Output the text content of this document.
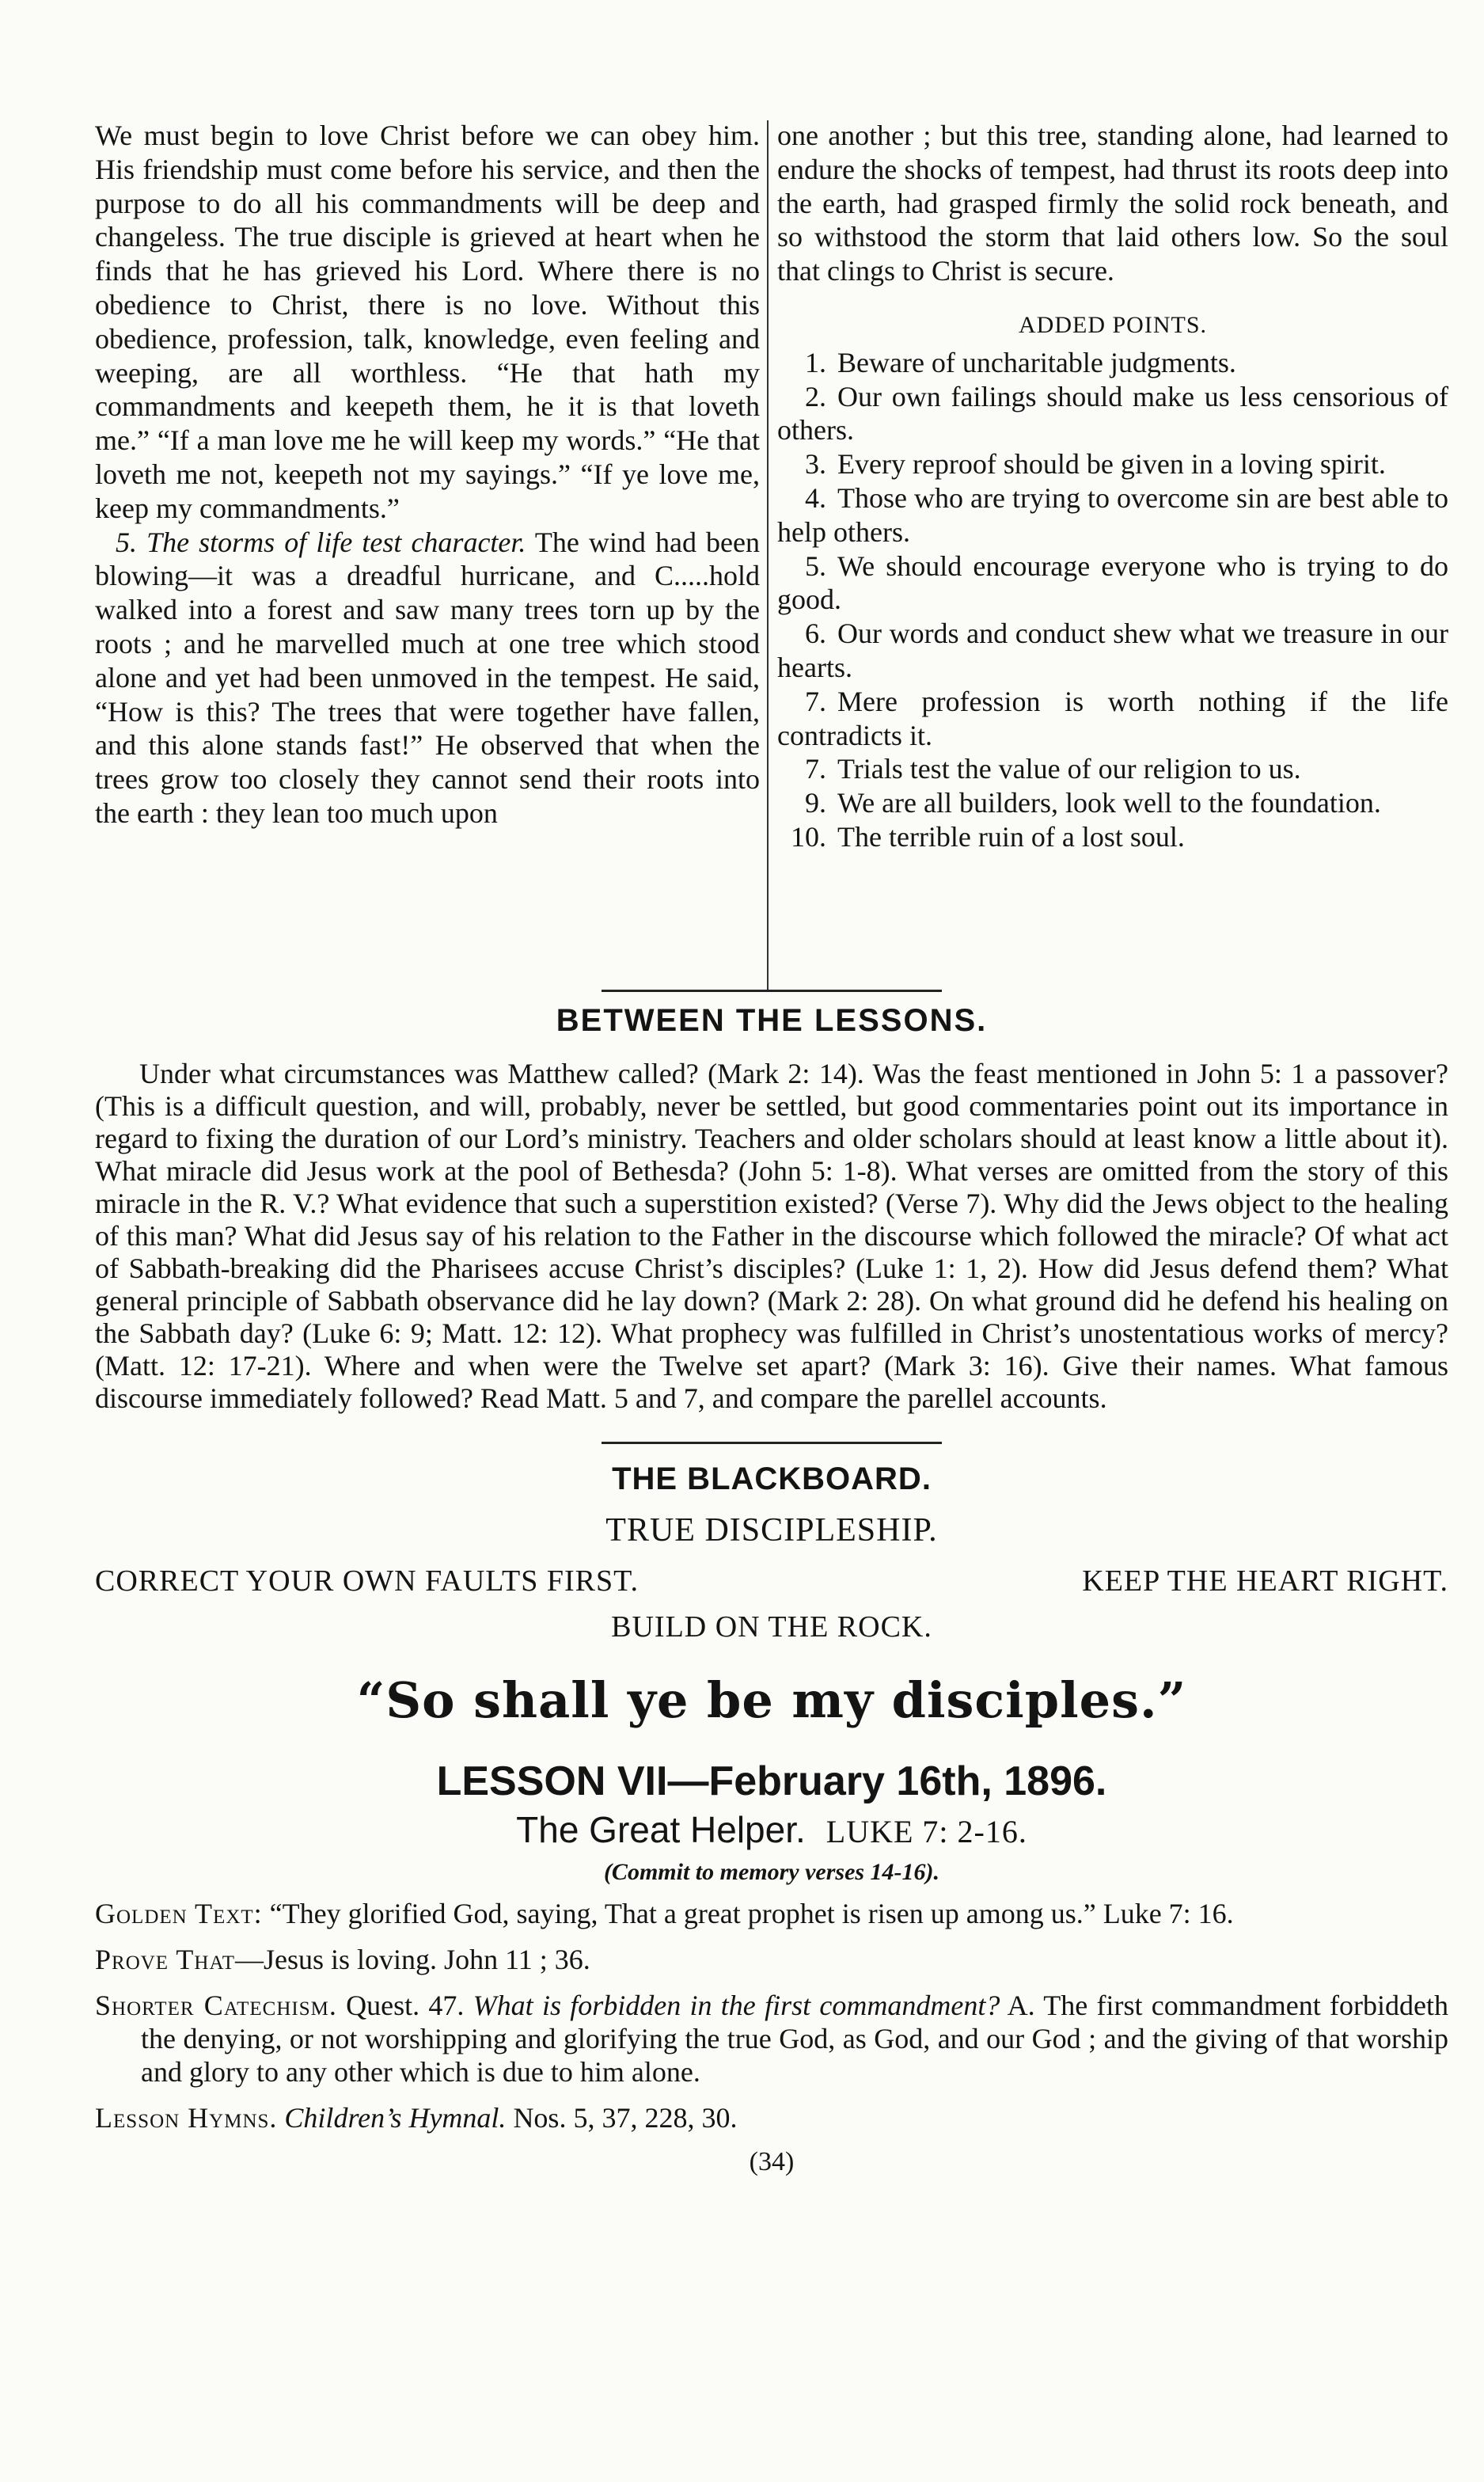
We must begin to love Christ before we can obey him. His friendship must come before his service, and then the purpose to do all his commandments will be deep and changeless. The true disciple is grieved at heart when he finds that he has grieved his Lord. Where there is no obedience to Christ, there is no love. Without this obedience, profession, talk, knowledge, even feeling and weeping, are all worthless. “He that hath my commandments and keepeth them, he it is that loveth me.” “If a man love me he will keep my words.” “He that loveth me not, keepeth not my sayings.” “If ye love me, keep my commandments.”

5. The storms of life test character. The wind had been blowing—it was a dreadful hurricane, and C.....hold walked into a forest and saw many trees torn up by the roots ; and he marvelled much at one tree which stood alone and yet had been unmoved in the tempest. He said, “How is this? The trees that were together have fallen, and this alone stands fast!” He observed that when the trees grow too closely they cannot send their roots into the earth : they lean too much upon

one another ; but this tree, standing alone, had learned to endure the shocks of tempest, had thrust its roots deep into the earth, had grasped firmly the solid rock beneath, and so withstood the storm that laid others low. So the soul that clings to Christ is secure.

ADDED POINTS.

1. Beware of uncharitable judgments.

2. Our own failings should make us less censorious of others.

3. Every reproof should be given in a loving spirit.

4. Those who are trying to overcome sin are best able to help others.

5. We should encourage everyone who is trying to do good.

6. Our words and conduct shew what we treasure in our hearts.

7. Mere profession is worth nothing if the life contradicts it.

7. Trials test the value of our religion to us.

9. We are all builders, look well to the foundation.

10. The terrible ruin of a lost soul.

BETWEEN THE LESSONS.

Under what circumstances was Matthew called? (Mark 2: 14). Was the feast mentioned in John 5: 1 a passover? (This is a difficult question, and will, probably, never be settled, but good commentaries point out its importance in regard to fixing the duration of our Lord’s ministry. Teachers and older scholars should at least know a little about it). What miracle did Jesus work at the pool of Bethesda? (John 5: 1-8). What verses are omitted from the story of this miracle in the R. V.? What evidence that such a superstition existed? (Verse 7). Why did the Jews object to the healing of this man? What did Jesus say of his relation to the Father in the discourse which followed the miracle? Of what act of Sabbath-breaking did the Pharisees accuse Christ’s disciples? (Luke 1: 1, 2). How did Jesus defend them? What general principle of Sabbath observance did he lay down? (Mark 2: 28). On what ground did he defend his healing on the Sabbath day? (Luke 6: 9; Matt. 12: 12). What prophecy was fulfilled in Christ’s unostentatious works of mercy? (Matt. 12: 17-21). Where and when were the Twelve set apart? (Mark 3: 16). Give their names. What famous discourse immediately followed? Read Matt. 5 and 7, and compare the parellel accounts.

THE BLACKBOA⁠R⁠D.

TRUE DISCIPLESHIP.

CORRECT YOUR OWN FAULTS FIRST.	KEEP THE HEART RIGHT.

BUILD ON THE ROCK.

“So shall ye be my disciples.”
LESSON VII—February 16th, 1896.
The Great Helper. LUKE 7: 2-16.
(Commit to memory verses 14-16).

Golden Text: “They glorified God, saying, That a great prophet is risen up among us.” Luke 7: 16.

Prove That—Jesus is loving. John 11 ; 36.

Shorter Catechism. Quest. 47. What is forbidden in the first commandment? A. The first commandment forbiddeth the denying, or not worshipping and glorifying the true God, as God, and our God ; and the giving of that worship and glory to any other which is due to him alone.

Lesson Hymns. Children’s Hymnal. Nos. 5, 37, 228, 30.

(34)
